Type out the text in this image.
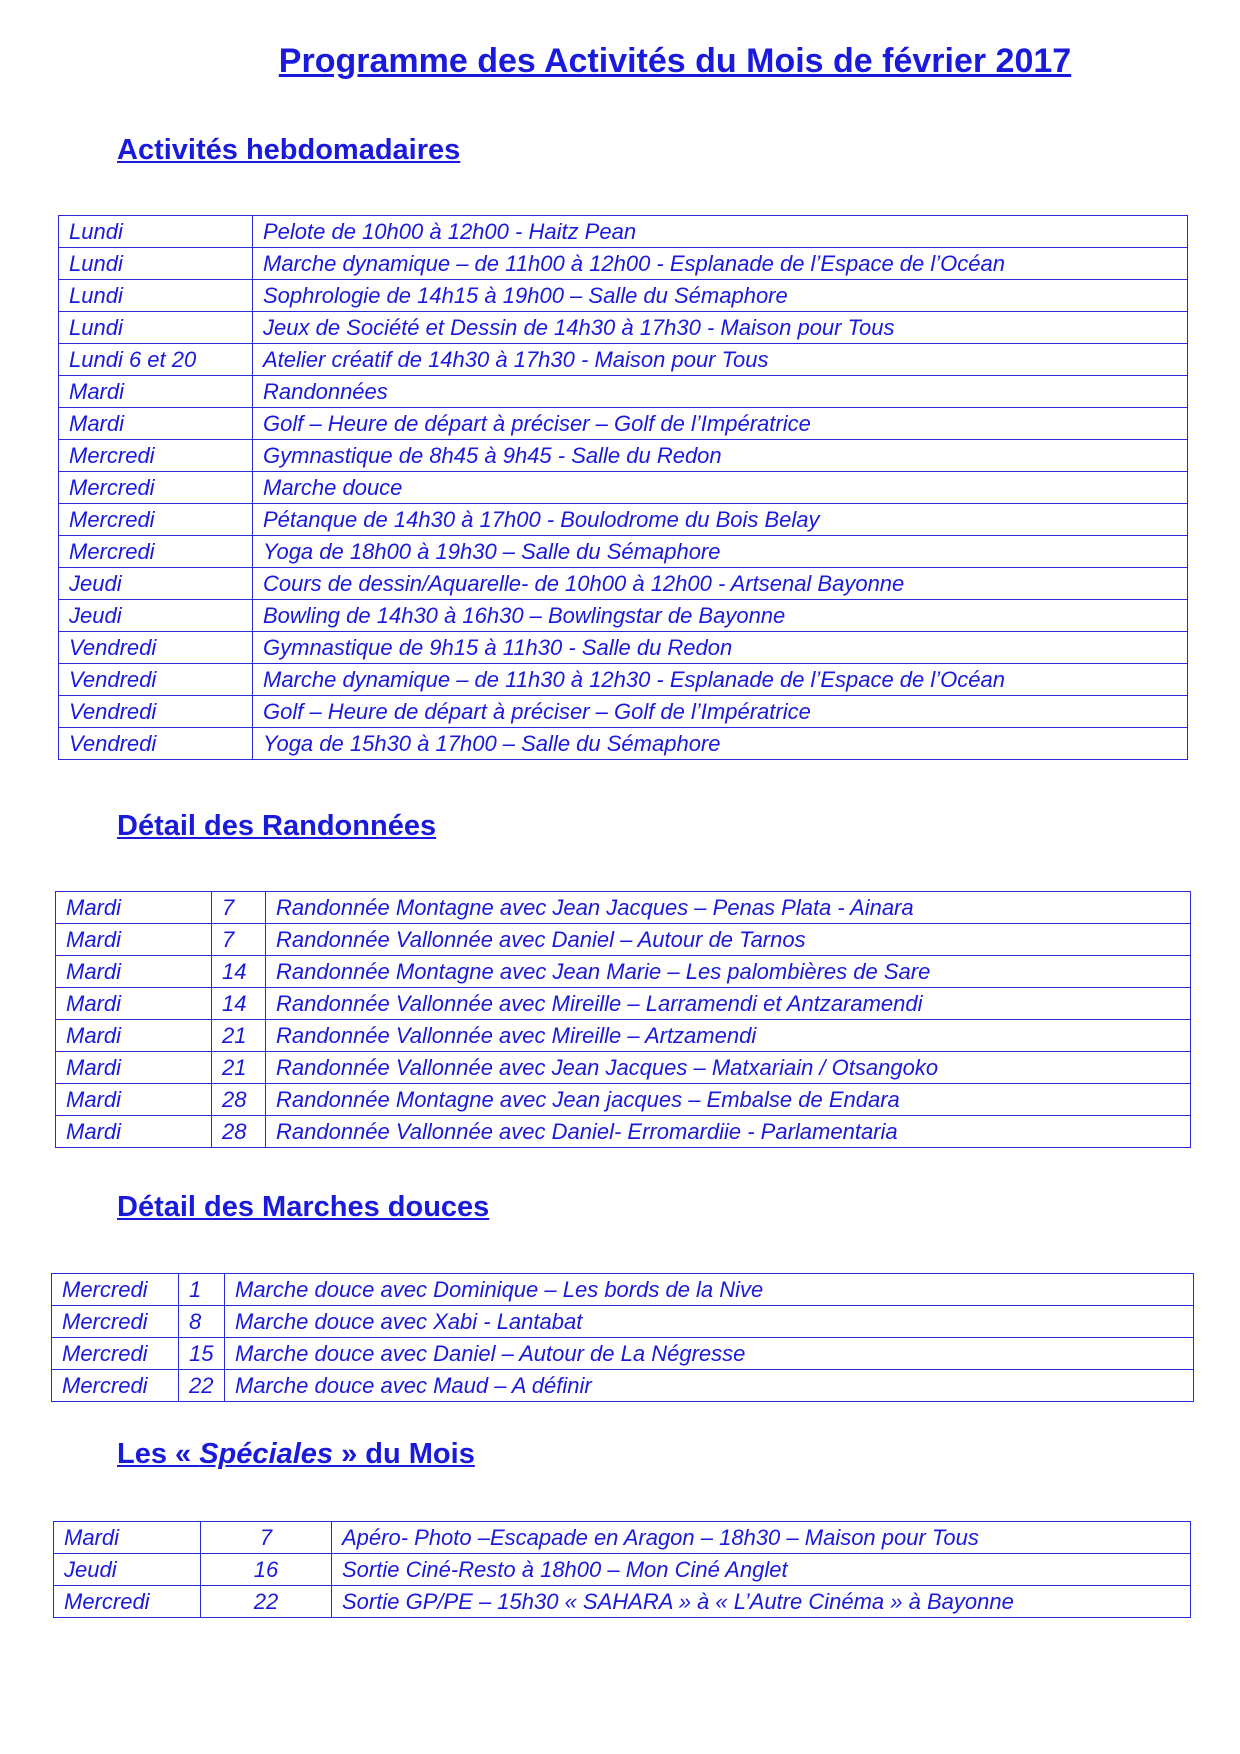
Programme des Activités du Mois de février 2017
Activités hebdomadaires
Lundi	Pelote de 10h00 à 12h00 - Haitz Pean
Lundi	Marche dynamique – de 11h00 à 12h00 - Esplanade de l’Espace de l’Océan
Lundi	Sophrologie de 14h15 à 19h00 – Salle du Sémaphore
Lundi	Jeux de Société et Dessin de 14h30 à 17h30 - Maison pour Tous
Lundi 6 et 20	Atelier créatif de 14h30 à 17h30 - Maison pour Tous
Mardi	Randonnées
Mardi	Golf – Heure de départ à préciser – Golf de l’Impératrice
Mercredi	Gymnastique de 8h45 à 9h45 - Salle du Redon
Mercredi	Marche douce
Mercredi	Pétanque de 14h30 à 17h00 - Boulodrome du Bois Belay
Mercredi	Yoga de 18h00 à 19h30 – Salle du Sémaphore
Jeudi	Cours de dessin/Aquarelle- de 10h00 à 12h00 - Artsenal Bayonne
Jeudi	Bowling de 14h30 à 16h30 – Bowlingstar de Bayonne
Vendredi	Gymnastique de 9h15 à 11h30 - Salle du Redon
Vendredi	Marche dynamique – de 11h30 à 12h30 - Esplanade de l’Espace de l’Océan
Vendredi	Golf – Heure de départ à préciser – Golf de l’Impératrice
Vendredi	Yoga de 15h30 à 17h00 – Salle du Sémaphore
Détail des Randonnées
Mardi	7	Randonnée Montagne avec Jean Jacques – Penas Plata - Ainara
Mardi	7	Randonnée Vallonnée avec Daniel – Autour de Tarnos
Mardi	14	Randonnée Montagne avec Jean Marie – Les palombières de Sare
Mardi	14	Randonnée Vallonnée avec Mireille – Larramendi et Antzaramendi
Mardi	21	Randonnée Vallonnée avec Mireille – Artzamendi
Mardi	21	Randonnée Vallonnée avec Jean Jacques – Matxariain / Otsangoko
Mardi	28	Randonnée Montagne avec Jean jacques – Embalse de Endara
Mardi	28	Randonnée Vallonnée avec Daniel- Erromardiie - Parlamentaria
Détail des Marches douces
Mercredi	1	Marche douce avec Dominique – Les bords de la Nive
Mercredi	8	Marche douce avec Xabi - Lantabat
Mercredi	15	Marche douce avec Daniel – Autour de La Négresse
Mercredi	22	Marche douce avec Maud – A définir
Les « Spéciales » du Mois
Mardi	7	Apéro- Photo –Escapade en Aragon – 18h30 – Maison pour Tous
Jeudi	16	Sortie Ciné-Resto à 18h00 – Mon Ciné Anglet
Mercredi	22	Sortie GP/PE – 15h30 « SAHARA » à « L’Autre Cinéma » à Bayonne
